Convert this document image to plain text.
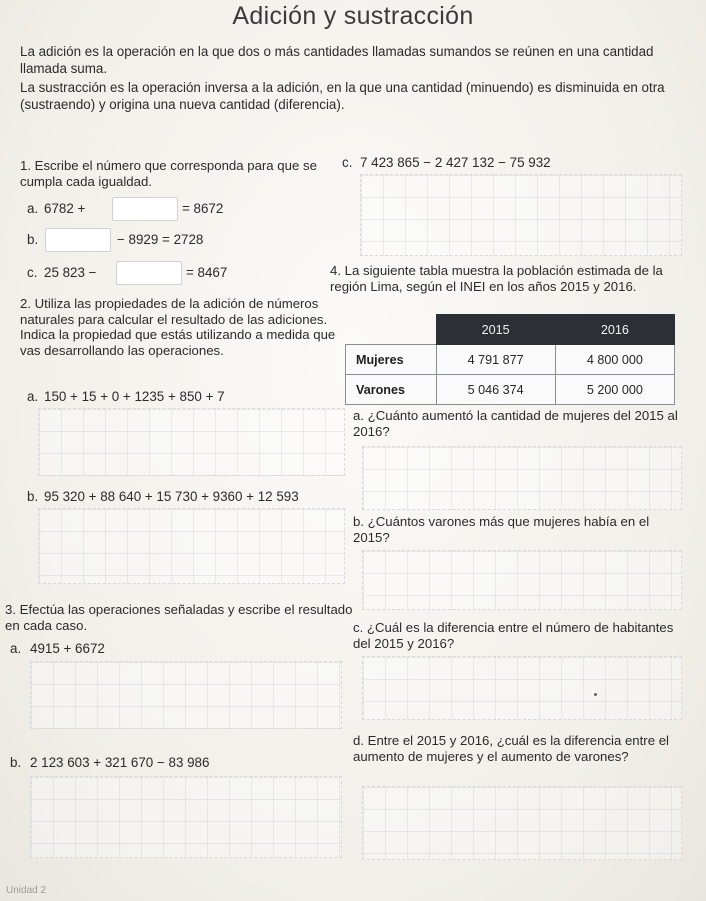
Adición y sustracción
La adición es la operación en la que dos o más cantidades llamadas sumandos se reúnen en una cantidad llamada suma.
La sustracción es la operación inversa a la adición, en la que una cantidad (minuendo) es disminuida en otra (sustraendo) y origina una nueva cantidad (diferencia).
1. Escribe el número que corresponda para que se cumpla cada igualdad.
a. 6782 +	= 8672
b.	− 8929 = 2728
c. 25 823 −	= 8467
c. 7 423 865 − 2 427 132 − 75 932
2. Utiliza las propiedades de la adición de números naturales para calcular el resultado de las adiciones. Indica la propiedad que estás utilizando a medida que vas desarrollando las operaciones.
a. 150 + 15 + 0 + 1235 + 850 + 7
b. 95 320 + 88 640 + 15 730 + 9360 + 12 593
4. La siguiente tabla muestra la población estimada de la región Lima, según el INEI en los años 2015 y 2016.
	2015	2016
Mujeres	4 791 877	4 800 000
Varones	5 046 374	5 200 000
a. ¿Cuánto aumentó la cantidad de mujeres del 2015 al 2016?
b. ¿Cuántos varones más que mujeres había en el 2015?
c. ¿Cuál es la diferencia entre el número de habitantes del 2015 y 2016?
d. Entre el 2015 y 2016, ¿cuál es la diferencia entre el aumento de mujeres y el aumento de varones?
3. Efectúa las operaciones señaladas y escribe el resultado en cada caso.
a. 4915 + 6672
b. 2 123 603 + 321 670 − 83 986
Unidad 2
